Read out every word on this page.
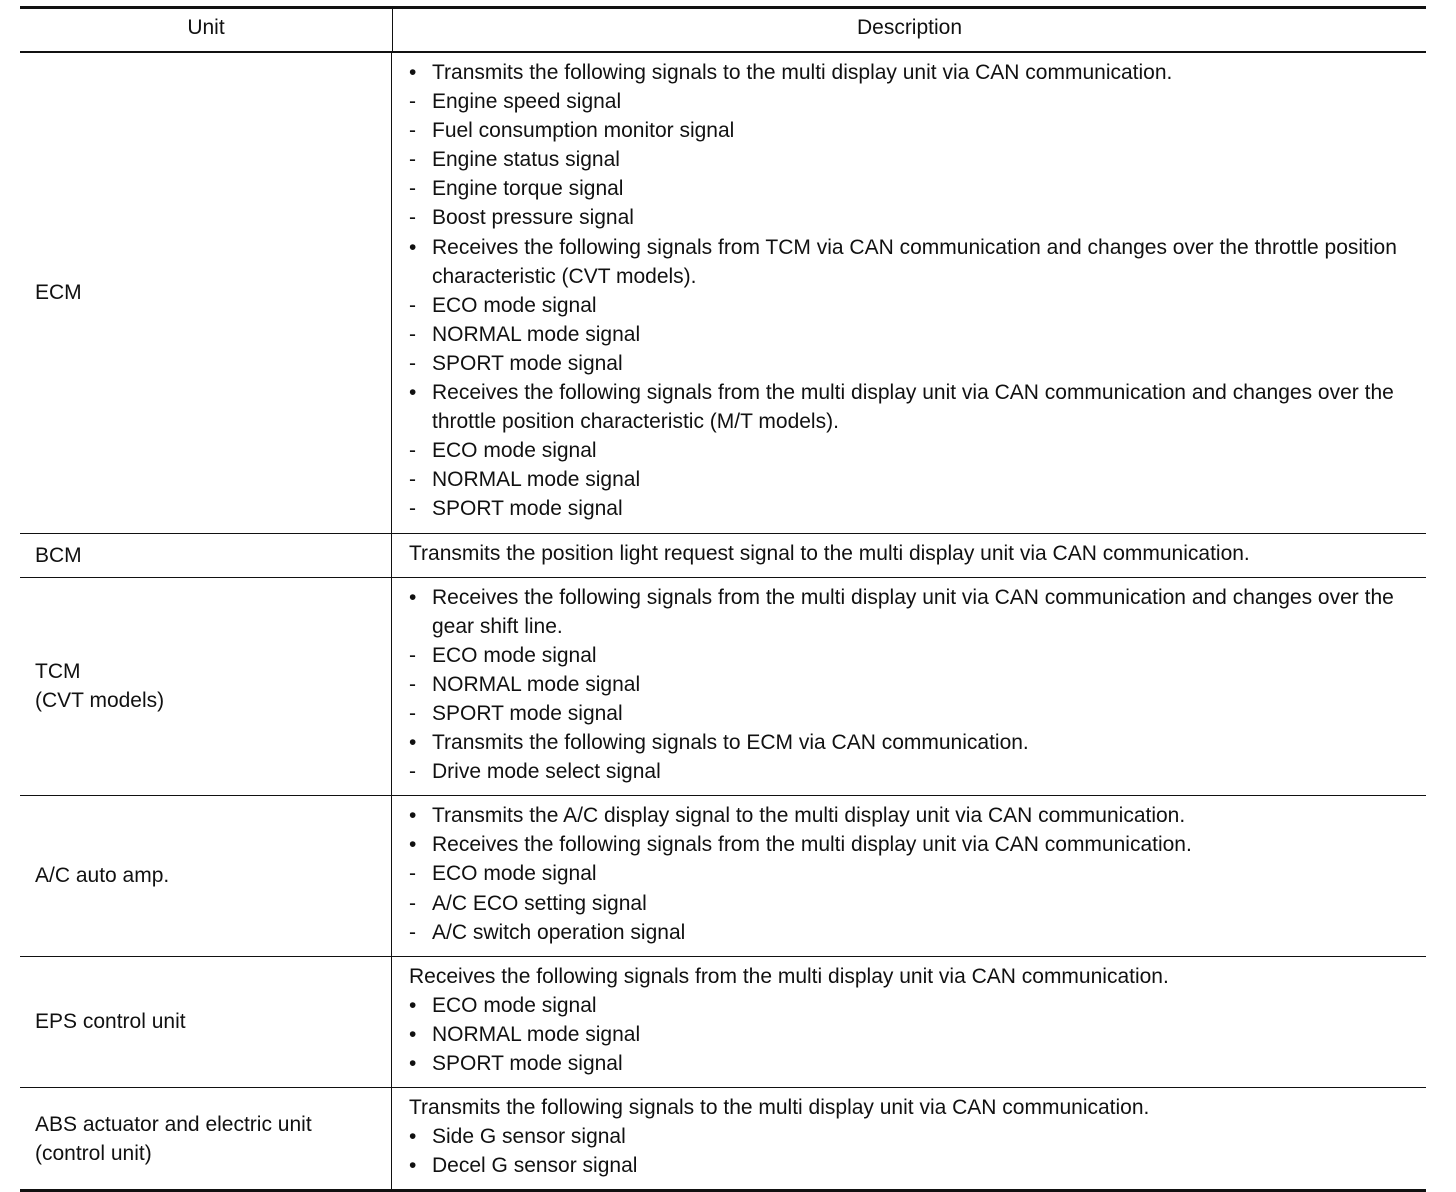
Unit	Description
ECM
• Transmits the following signals to the multi display unit via CAN communication.
- Engine speed signal
- Fuel consumption monitor signal
- Engine status signal
- Engine torque signal
- Boost pressure signal
• Receives the following signals from TCM via CAN communication and changes over the throttle position characteristic (CVT models).
- ECO mode signal
- NORMAL mode signal
- SPORT mode signal
• Receives the following signals from the multi display unit via CAN communication and changes over the throttle position characteristic (M/T models).
- ECO mode signal
- NORMAL mode signal
- SPORT mode signal
BCM	Transmits the position light request signal to the multi display unit via CAN communication.
TCM
(CVT models)
• Receives the following signals from the multi display unit via CAN communication and changes over the gear shift line.
- ECO mode signal
- NORMAL mode signal
- SPORT mode signal
• Transmits the following signals to ECM via CAN communication.
- Drive mode select signal
A/C auto amp.
• Transmits the A/C display signal to the multi display unit via CAN communication.
• Receives the following signals from the multi display unit via CAN communication.
- ECO mode signal
- A/C ECO setting signal
- A/C switch operation signal
EPS control unit
Receives the following signals from the multi display unit via CAN communication.
• ECO mode signal
• NORMAL mode signal
• SPORT mode signal
ABS actuator and electric unit
(control unit)
Transmits the following signals to the multi display unit via CAN communication.
• Side G sensor signal
• Decel G sensor signal
